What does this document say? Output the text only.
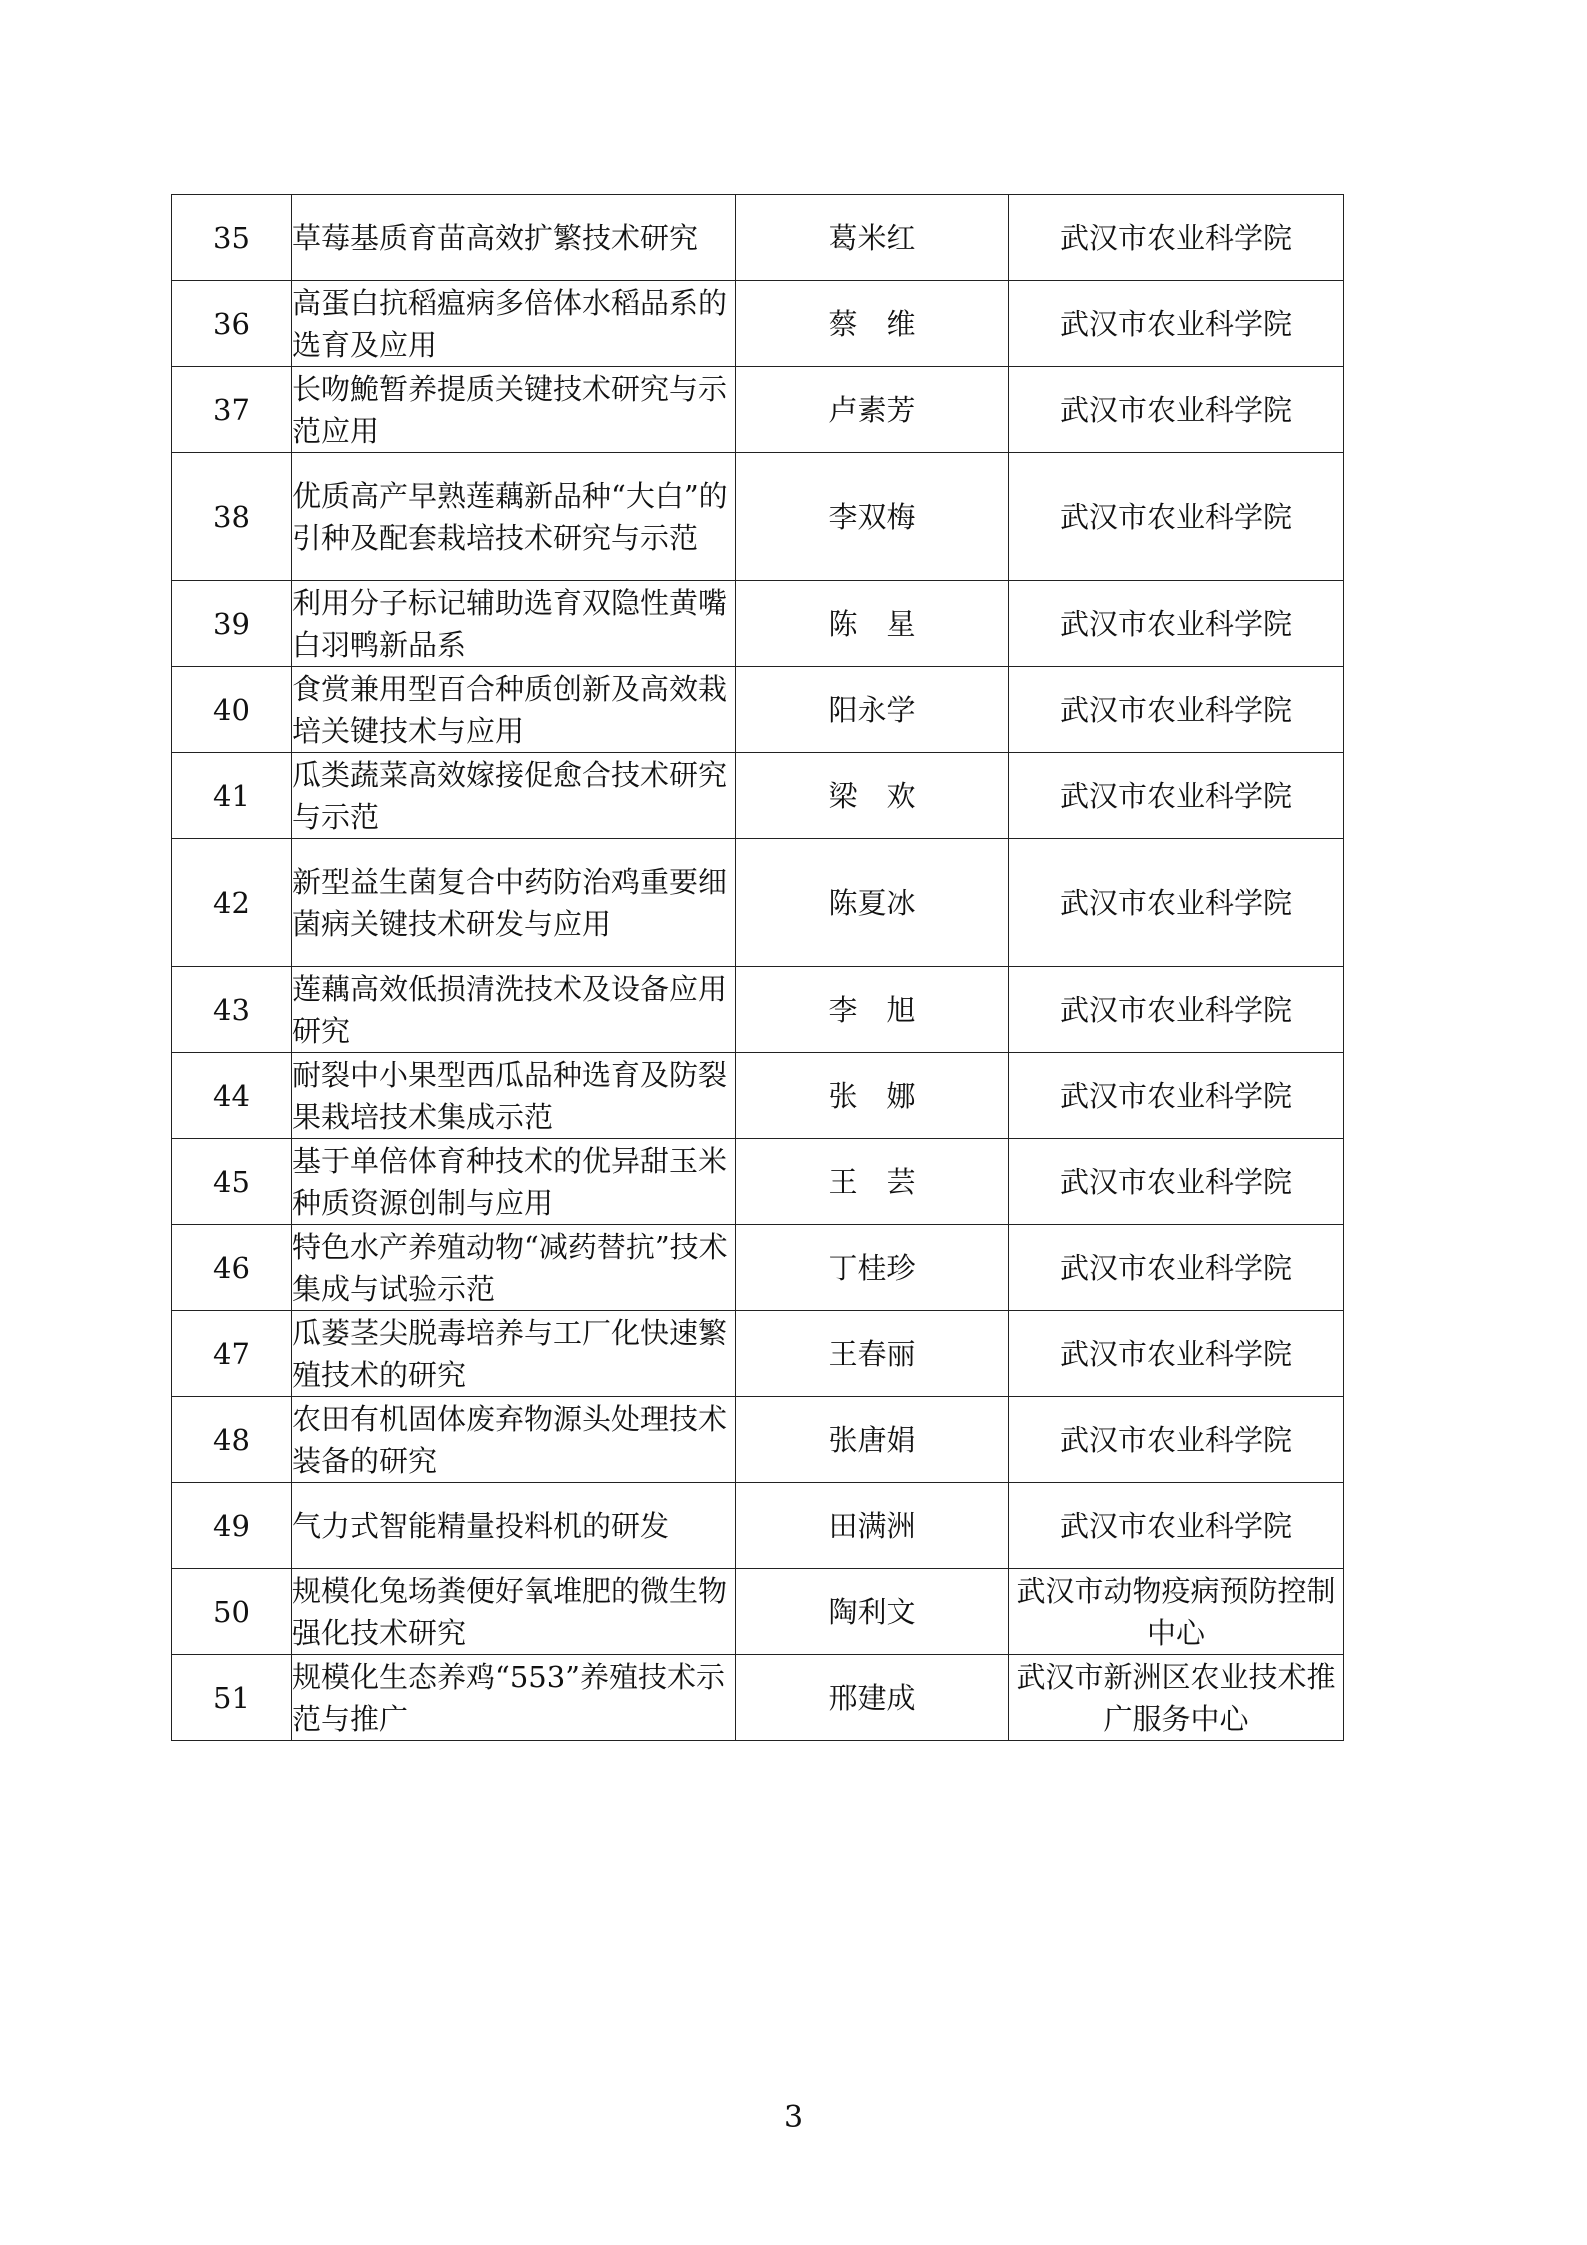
35	草莓基质育苗高效扩繁技术研究	葛米红	武汉市农业科学院
36	高蛋白抗稻瘟病多倍体水稻品系的选育及应用	蔡　维	武汉市农业科学院
37	长吻鮠暂养提质关键技术研究与示范应用	卢素芳	武汉市农业科学院
38	优质高产早熟莲藕新品种“大白”的引种及配套栽培技术研究与示范	李双梅	武汉市农业科学院
39	利用分子标记辅助选育双隐性黄嘴白羽鸭新品系	陈　星	武汉市农业科学院
40	食赏兼用型百合种质创新及高效栽培关键技术与应用	阳永学	武汉市农业科学院
41	瓜类蔬菜高效嫁接促愈合技术研究与示范	梁　欢	武汉市农业科学院
42	新型益生菌复合中药防治鸡重要细菌病关键技术研发与应用	陈夏冰	武汉市农业科学院
43	莲藕高效低损清洗技术及设备应用研究	李　旭	武汉市农业科学院
44	耐裂中小果型西瓜品种选育及防裂果栽培技术集成示范	张　娜	武汉市农业科学院
45	基于单倍体育种技术的优异甜玉米种质资源创制与应用	王　芸	武汉市农业科学院
46	特色水产养殖动物“减药替抗”技术集成与试验示范	丁桂珍	武汉市农业科学院
47	瓜蒌茎尖脱毒培养与工厂化快速繁殖技术的研究	王春丽	武汉市农业科学院
48	农田有机固体废弃物源头处理技术装备的研究	张唐娟	武汉市农业科学院
49	气力式智能精量投料机的研发	田满洲	武汉市农业科学院
50	规模化兔场粪便好氧堆肥的微生物强化技术研究	陶利文	武汉市动物疫病预防控制中心
51	规模化生态养鸡“553”养殖技术示范与推广	邢建成	武汉市新洲区农业技术推广服务中心
3
